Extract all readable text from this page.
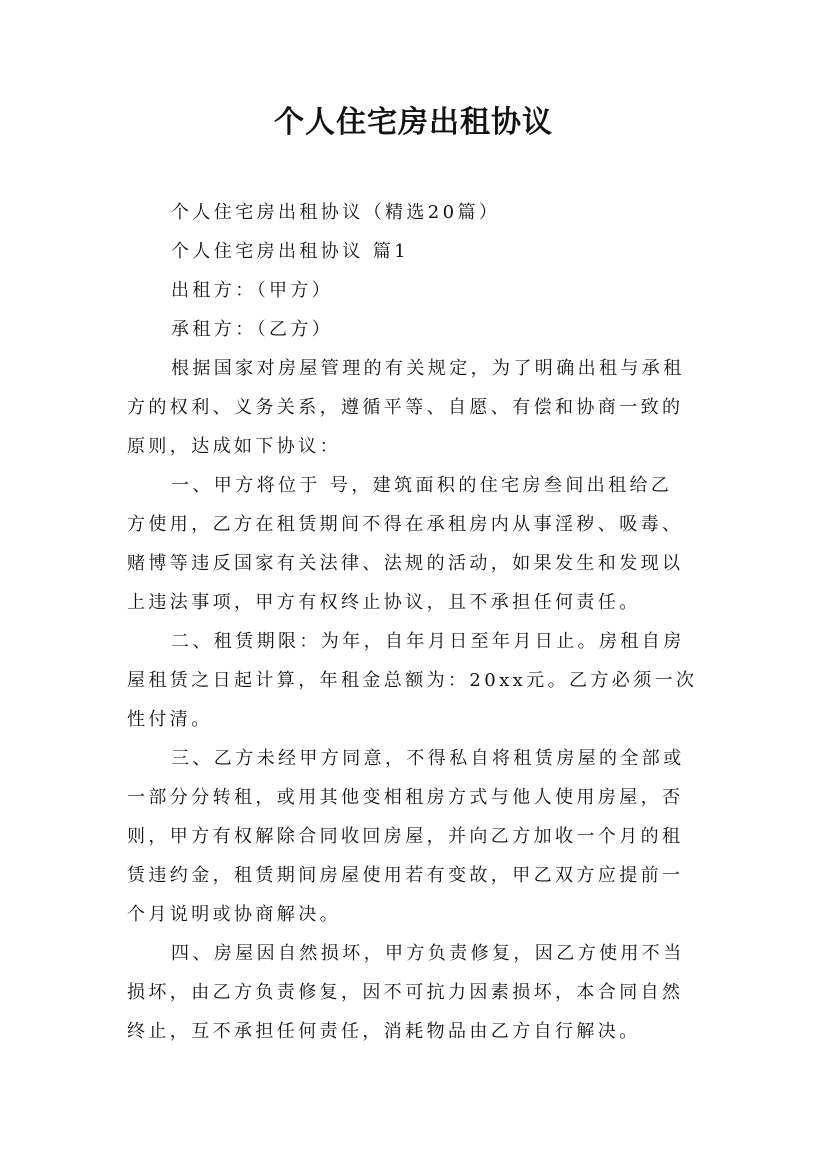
个人住宅房出租协议

个人住宅房出租协议（精选20篇）

个人住宅房出租协议 篇1

出租方：（甲方）

承租方：（乙方）

根据国家对房屋管理的有关规定，为了明确出租与承租

方的权利、义务关系，遵循平等、自愿、有偿和协商一致的

原则，达成如下协议：

一、甲方将位于 号，建筑面积的住宅房叁间出租给乙

方使用，乙方在租赁期间不得在承租房内从事淫秽、吸毒、

赌博等违反国家有关法律、法规的活动，如果发生和发现以

上违法事项，甲方有权终止协议，且不承担任何责任。

二、租赁期限：为年，自年月日至年月日止。房租自房

屋租赁之日起计算，年租金总额为：20xx元。乙方必须一次

性付清。

三、乙方未经甲方同意，不得私自将租赁房屋的全部或

一部分分转租，或用其他变相租房方式与他人使用房屋，否

则，甲方有权解除合同收回房屋，并向乙方加收一个月的租

赁违约金，租赁期间房屋使用若有变故，甲乙双方应提前一

个月说明或协商解决。

四、房屋因自然损坏，甲方负责修复，因乙方使用不当

损坏，由乙方负责修复，因不可抗力因素损坏，本合同自然

终止，互不承担任何责任，消耗物品由乙方自行解决。
